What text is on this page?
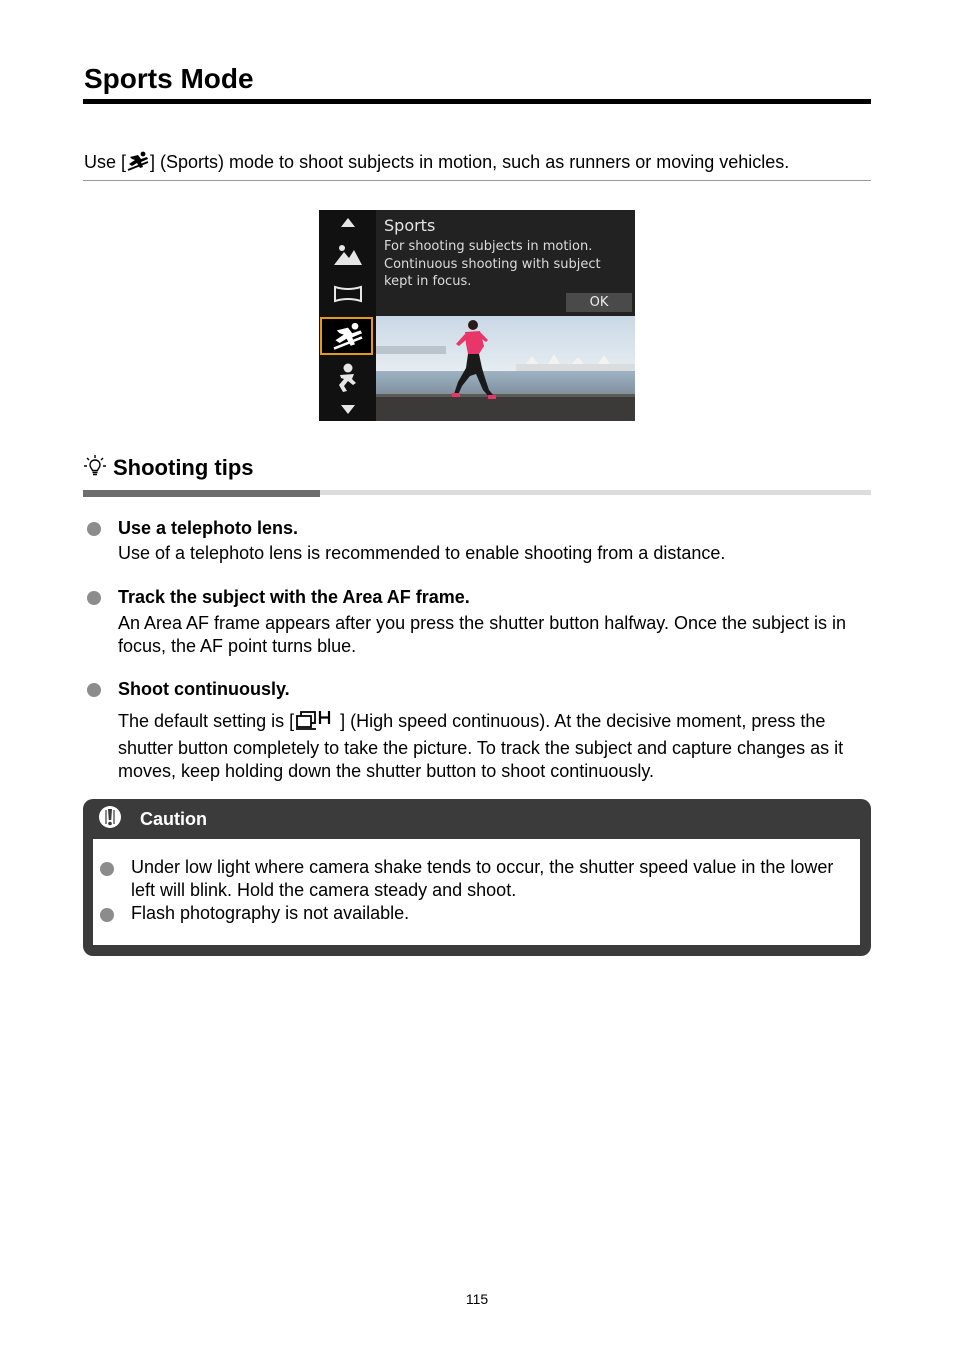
Sports Mode
Use [ ] (Sports) mode to shoot subjects in motion, such as runners or moving vehicles.
Sports
For shooting subjects in motion. Continuous shooting with subject kept in focus.
OK
Shooting tips
Use a telephoto lens.
Use of a telephoto lens is recommended to enable shooting from a distance.
Track the subject with the Area AF frame.
An Area AF frame appears after you press the shutter button halfway. Once the subject is in focus, the AF point turns blue.
Shoot continuously.
The default setting is [	] (High speed continuous). At the decisive moment, press the shutter button completely to take the picture. To track the subject and capture changes as it moves, keep holding down the shutter button to shoot continuously.
Caution
Under low light where camera shake tends to occur, the shutter speed value in the lower left will blink. Hold the camera steady and shoot.
Flash photography is not available.
115
